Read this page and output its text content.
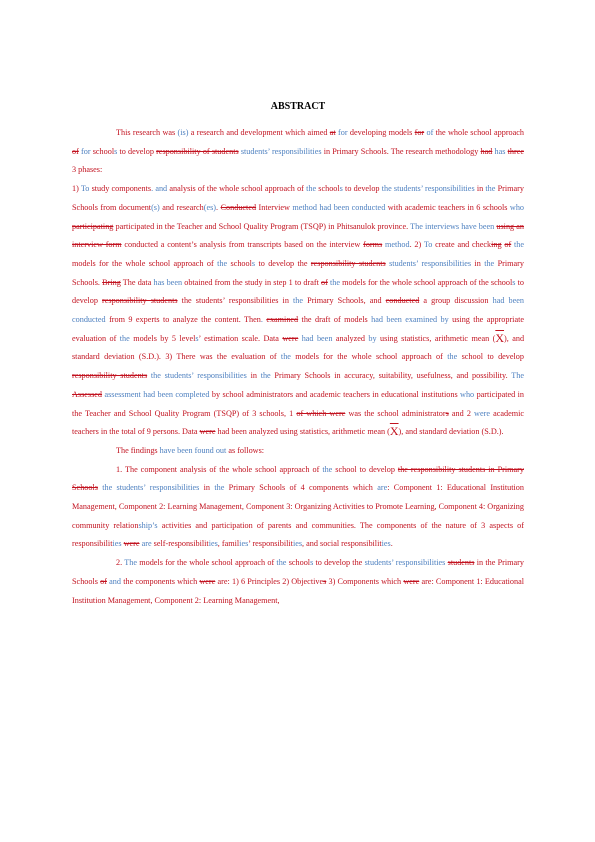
ABSTRACT

This research was (is) a research and development which aimed at for developing models for of the whole school approach of for schools to develop responsibility of students students’ responsibilities in Primary Schools. The research methodology had has three 3 phases:

1) To study components. and analysis of the whole school approach of the schools to develop the students’ responsibilities in the Primary Schools from document(s) and research(es). Conducted Interview method had been conducted with academic teachers in 6 schools who participating participated in the Teacher and School Quality Program (TSQP) in Phitsanulok province. The interviews have been using an interview form conducted a content’s analysis from transcripts based on the interview forms method. 2) To create and checking of the models for the whole school approach of the schools to develop the responsibility students students’ responsibilities in the Primary Schools. Bring The data has been obtained from the study in step 1 to draft of the models for the whole school approach of the schools to develop responsibility students the students’ responsibilities in the Primary Schools, and conducted a group discussion had been conducted from 9 experts to analyze the content. Then. examined the draft of models had been examined by using the appropriate evaluation of the models by 5 levels’ estimation scale. Data were had been analyzed by using statistics, arithmetic mean $(\overline{X})$, and standard deviation (S.D.). 3) There was the evaluation of the models for the whole school approach of the school to develop responsibility students the students’ responsibilities in the Primary Schools in accuracy, suitability, usefulness, and possibility. The Assessed assessment had been completed by school administrators and academic teachers in educational institutions who participated in the Teacher and School Quality Program (TSQP) of 3 schools, 1 of which were was the school administrators and 2 were academic teachers in the total of 9 persons. Data were had been analyzed using statistics, arithmetic mean $(\overline{X})$, and standard deviation (S.D.).

The findings have been found out as follows:

1. The component analysis of the whole school approach of the school to develop the responsibility students in Primary Schools the students’ responsibilities in the Primary Schools of 4 components which are: Component 1: Educational Institution Management, Component 2: Learning Management, Component 3: Organizing Activities to Promote Learning, Component 4: Organizing community relationship’s activities and participation of parents and communities. The components of the nature of 3 aspects of responsibilities were are self-responsibilities, families’ responsibilities, and social responsibilities.

2. The models for the whole school approach of the schools to develop the students’ responsibilities students in the Primary Schools of and the components which were are: 1) 6 Principles 2) Objectives 3) Components which were are: Component 1: Educational Institution Management, Component 2: Learning Management,
